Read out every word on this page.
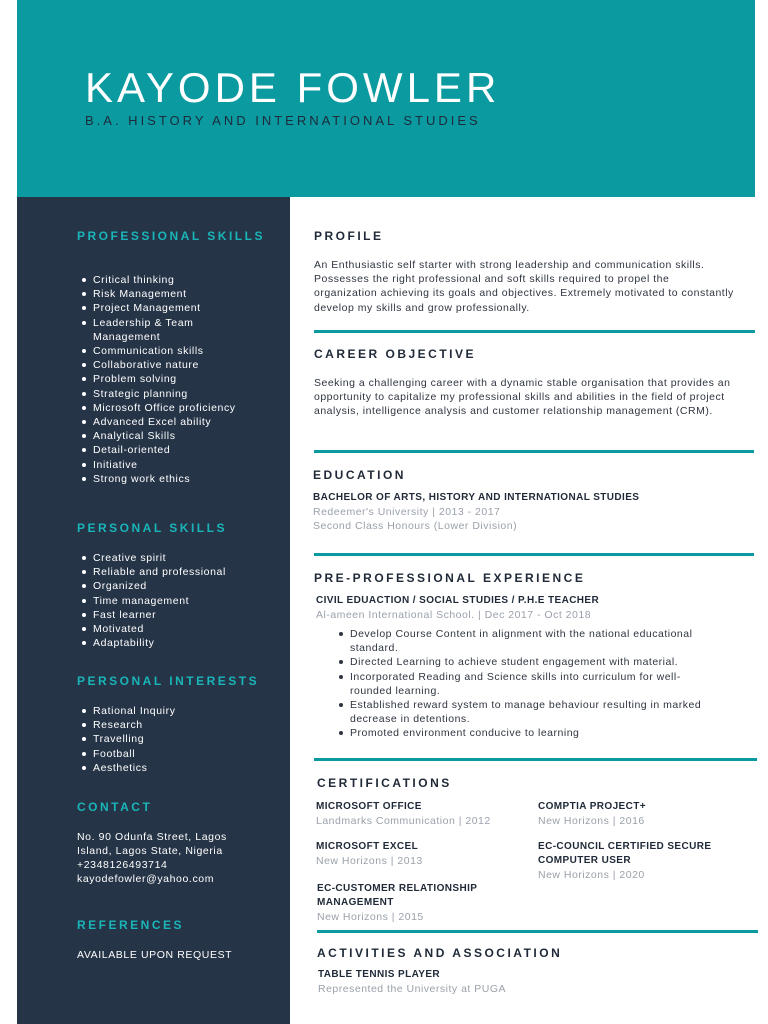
KAYODE FOWLER
B.A. HISTORY AND INTERNATIONAL STUDIES
PROFESSIONAL SKILLS
Critical thinking
Risk Management
Project Management
Leadership & Team Management
Communication skills
Collaborative nature
Problem solving
Strategic planning
Microsoft Office proficiency
Advanced Excel ability
Analytical Skills
Detail-oriented
Initiative
Strong work ethics
PERSONAL SKILLS
Creative spirit
Reliable and professional
Organized
Time management
Fast learner
Motivated
Adaptability
PERSONAL INTERESTS
Rational Inquiry
Research
Travelling
Football
Aesthetics
CONTACT
No. 90 Odunfa Street, Lagos Island, Lagos State, Nigeria
+2348126493714
kayodefowler@yahoo.com
REFERENCES
AVAILABLE UPON REQUEST
PROFILE
An Enthusiastic self starter with strong leadership and communication skills. Possesses the right professional and soft skills required to propel the organization achieving its goals and objectives. Extremely motivated to constantly develop my skills and grow professionally.
CAREER OBJECTIVE
Seeking a challenging career with a dynamic stable organisation that provides an opportunity to capitalize my professional skills and abilities in the field of project analysis, intelligence analysis and customer relationship management (CRM).
EDUCATION
BACHELOR OF ARTS, HISTORY AND INTERNATIONAL STUDIES
Redeemer's University | 2013 - 2017
Second Class Honours (Lower Division)
PRE-PROFESSIONAL EXPERIENCE
CIVIL EDUACTION / SOCIAL STUDIES / P.H.E TEACHER
Al-ameen International School. | Dec 2017 - Oct 2018
Develop Course Content in alignment with the national educational standard.
Directed Learning to achieve student engagement with material.
Incorporated Reading and Science skills into curriculum for well-rounded learning.
Established reward system to manage behaviour resulting in marked decrease in detentions.
Promoted environment conducive to learning
CERTIFICATIONS
MICROSOFT OFFICE
Landmarks Communication | 2012
COMPTIA PROJECT+
New Horizons | 2016
MICROSOFT EXCEL
New Horizons | 2013
EC-COUNCIL CERTIFIED SECURE COMPUTER USER
New Horizons | 2020
EC-CUSTOMER RELATIONSHIP MANAGEMENT
New Horizons | 2015
ACTIVITIES AND ASSOCIATION
TABLE TENNIS PLAYER
Represented the University at PUGA
